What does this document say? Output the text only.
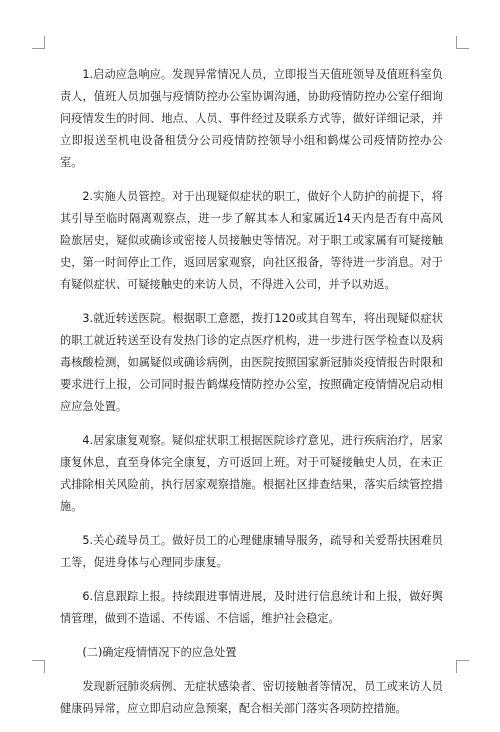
1.启动应急响应。发现异常情况人员，立即报当天值班领导及值班科室负责人，值班人员加强与疫情防控办公室协调沟通，协助疫情防控办公室仔细询问疫情发生的时间、地点、人员、事件经过及联系方式等，做好详细记录，并立即报送至机电设备租赁分公司疫情防控领导小组和鹤煤公司疫情防控办公室。

2.实施人员管控。对于出现疑似症状的职工，做好个人防护的前提下，将其引导至临时隔离观察点，进一步了解其本人和家属近14天内是否有中高风险旅居史，疑似或确诊或密接人员接触史等情况。对于职工或家属有可疑接触史，第一时间停止工作，返回居家观察，向社区报备，等待进一步消息。对于有疑似症状、可疑接触史的来访人员，不得进入公司，并予以劝返。

3.就近转送医院。根据职工意愿，拨打120或其自驾车，将出现疑似症状的职工就近转送至设有发热门诊的定点医疗机构，进一步进行医学检查以及病毒核酸检测，如属疑似或确诊病例，由医院按照国家新冠肺炎疫情报告时限和要求进行上报，公司同时报告鹤煤疫情防控办公室，按照确定疫情情况启动相应应急处置。

4.居家康复观察。疑似症状职工根据医院诊疗意见，进行疾病治疗，居家康复休息，直至身体完全康复，方可返回上班。对于可疑接触史人员，在未正式排除相关风险前，执行居家观察措施。根据社区排查结果，落实后续管控措施。

5.关心疏导员工。做好员工的心理健康辅导服务，疏导和关爱帮扶困难员工等，促进身体与心理同步康复。

6.信息跟踪上报。持续跟进事情进展，及时进行信息统计和上报，做好舆情管理，做到不造谣、不传谣、不信谣，维护社会稳定。

(二)确定疫情情况下的应急处置

发现新冠肺炎病例、无症状感染者、密切接触者等情况，员工或来访人员健康码异常，应立即启动应急预案，配合相关部门落实各项防控措施。
